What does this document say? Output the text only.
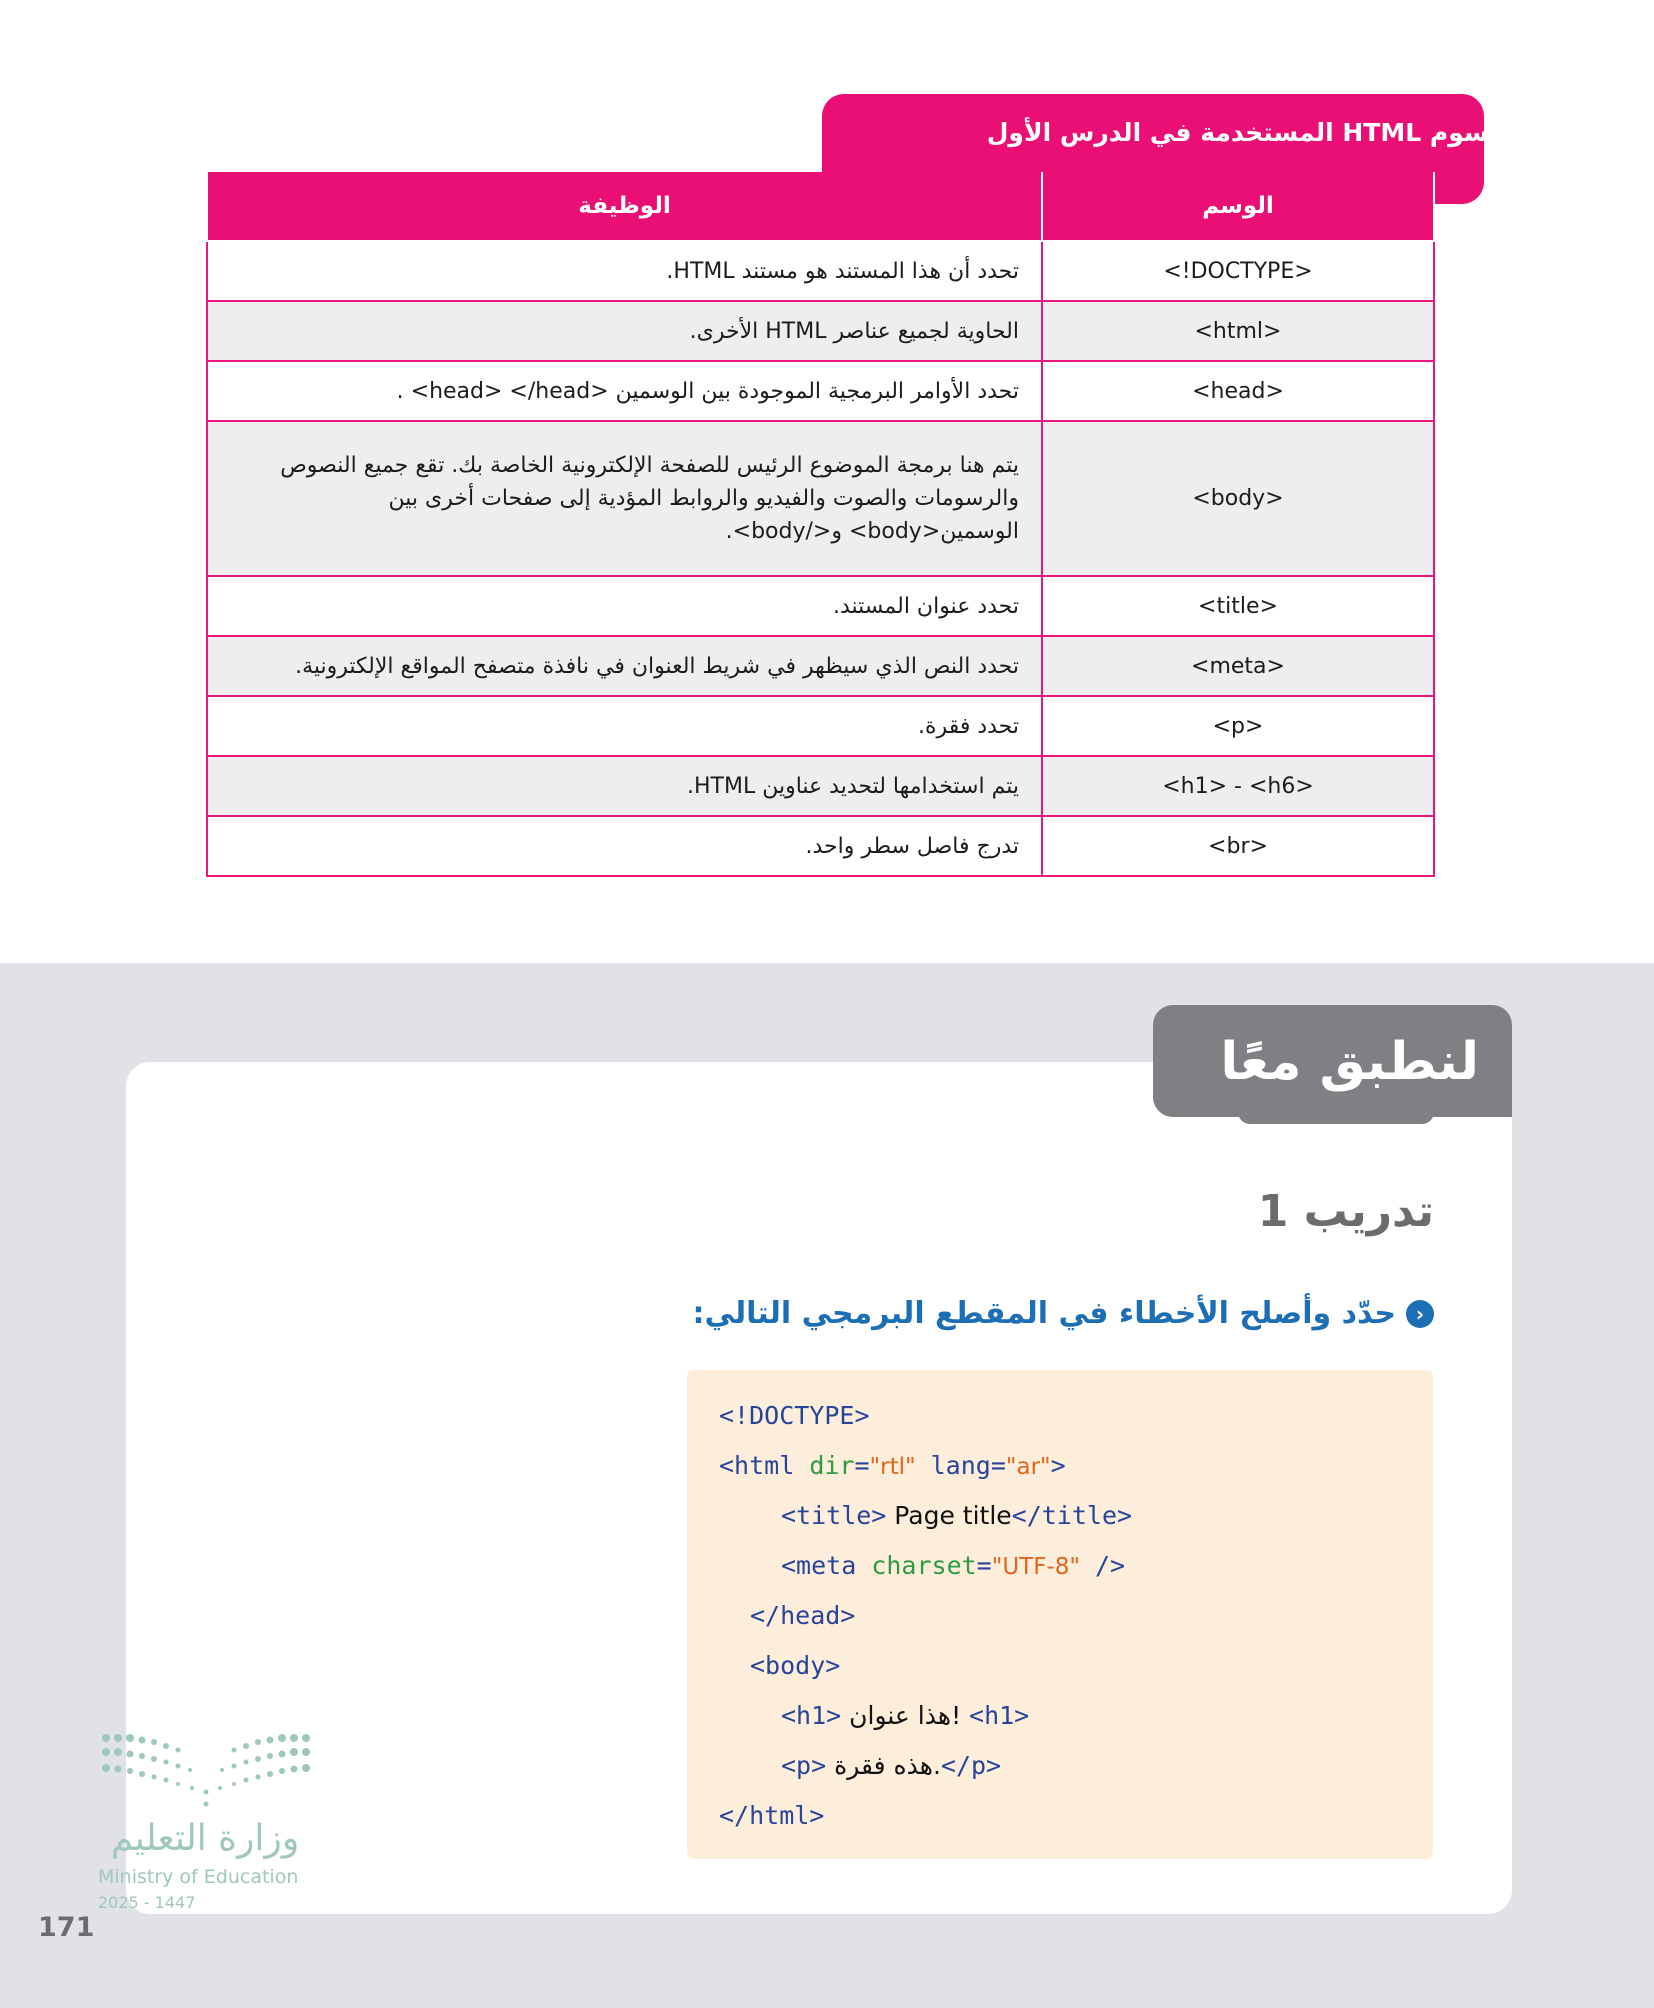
وسوم HTML المستخدمة في الدرس الأول
الوسم	الوظيفة
<!DOCTYPE>	تحدد أن هذا المستند هو مستند HTML.
<html>	الحاوية لجميع عناصر HTML الأخرى.
<head>	تحدد الأوامر البرمجية الموجودة بين الوسمين <head> </head> .
<body>	يتم هنا برمجة الموضوع الرئيس للصفحة الإلكترونية الخاصة بك. تقع جميع النصوص والرسومات والصوت والفيديو والروابط المؤدية إلى صفحات أخرى بين الوسمين<body> و</body>.
<title>	تحدد عنوان المستند.
<meta>	تحدد النص الذي سيظهر في شريط العنوان في نافذة متصفح المواقع الإلكترونية.
<p>	تحدد فقرة.
<h1> - <h6>	يتم استخدامها لتحديد عناوين HTML.
<br>	تدرج فاصل سطر واحد.
لنطبق معًا
تدريب 1
‹
حدّد وأصلح الأخطاء في المقطع البرمجي التالي:
<!DOCTYPE>
<html dir="rtl" lang="ar">
<title> Page title</title>
<meta charset="UTF-8" />
</head>
<body>
<h1> هذا عنوان! <h1>
<p> هذه فقرة.</p>
</html>
وزارة التعليم
Ministry of Education
2025 - 1447
171
